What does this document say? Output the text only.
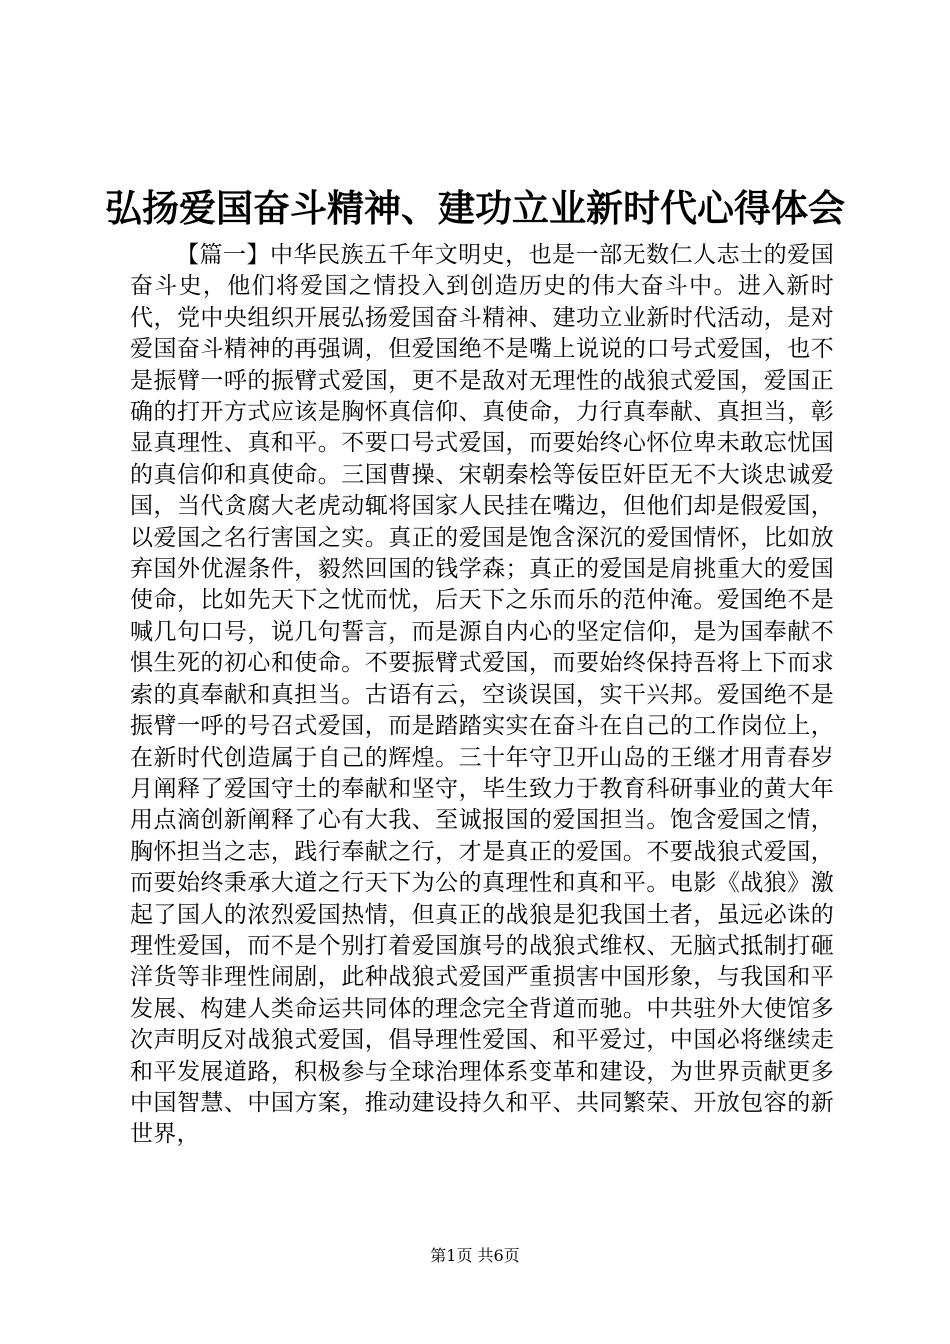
弘扬爱国奋斗精神、建功立业新时代心得体会

【篇一】中华民族五千年文明史，也是一部无数仁人志士的爱国奋斗史，他们将爱国之情投入到创造历史的伟大奋斗中。进入新时代，党中央组织开展弘扬爱国奋斗精神、建功立业新时代活动，是对爱国奋斗精神的再强调，但爱国绝不是嘴上说说的口号式爱国，也不是振臂一呼的振臂式爱国，更不是敌对无理性的战狼式爱国，爱国正确的打开方式应该是胸怀真信仰、真使命，力行真奉献、真担当，彰显真理性、真和平。不要口号式爱国，而要始终心怀位卑未敢忘忧国的真信仰和真使命。三国曹操、宋朝秦桧等佞臣奸臣无不大谈忠诚爱国，当代贪腐大老虎动辄将国家人民挂在嘴边，但他们却是假爱国，以爱国之名行害国之实。真正的爱国是饱含深沉的爱国情怀，比如放弃国外优渥条件，毅然回国的钱学森；真正的爱国是肩挑重大的爱国使命，比如先天下之忧而忧，后天下之乐而乐的范仲淹。爱国绝不是喊几句口号，说几句誓言，而是源自内心的坚定信仰，是为国奉献不惧生死的初心和使命。不要振臂式爱国，而要始终保持吾将上下而求索的真奉献和真担当。古语有云，空谈误国，实干兴邦。爱国绝不是振臂一呼的号召式爱国，而是踏踏实实在奋斗在自己的工作岗位上，在新时代创造属于自己的辉煌。三十年守卫开山岛的王继才用青春岁月阐释了爱国守土的奉献和坚守，毕生致力于教育科研事业的黄大年用点滴创新阐释了心有大我、至诚报国的爱国担当。饱含爱国之情，胸怀担当之志，践行奉献之行，才是真正的爱国。不要战狼式爱国，而要始终秉承大道之行天下为公的真理性和真和平。电影《战狼》激起了国人的浓烈爱国热情，但真正的战狼是犯我国土者，虽远必诛的理性爱国，而不是个别打着爱国旗号的战狼式维权、无脑式抵制打砸洋货等非理性闹剧，此种战狼式爱国严重损害中国形象，与我国和平发展、构建人类命运共同体的理念完全背道而驰。中共驻外大使馆多次声明反对战狼式爱国，倡导理性爱国、和平爱过，中国必将继续走和平发展道路，积极参与全球治理体系变革和建设，为世界贡献更多中国智慧、中国方案，推动建设持久和平、共同繁荣、开放包容的新世界，

第1页 共6页
